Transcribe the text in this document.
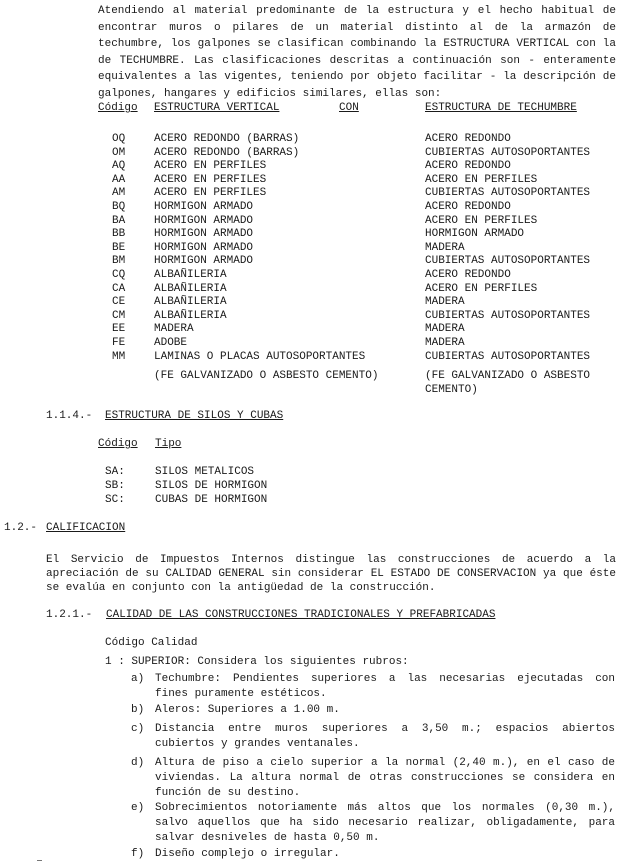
Atendiendo al material predominante de la estructura y el hecho habitual de encontrar muros o pilares de un material distinto al de la armazón de techumbre, los galpones se clasifican combinando la ESTRUCTURA VERTICAL con la de TECHUMBRE. Las clasificaciones descritas a continuación son - enteramente equivalentes a las vigentes, teniendo por objeto facilitar - la descripción de galpones, hangares y edificios similares, ellas son:
Código ESTRUCTURA VERTICAL	CON	ESTRUCTURA DE TECHUMBRE
OQ	ACERO REDONDO (BARRAS)	ACERO REDONDO
OM	ACERO REDONDO (BARRAS)	CUBIERTAS AUTOSOPORTANTES
AQ	ACERO EN PERFILES	ACERO REDONDO
AA	ACERO EN PERFILES	ACERO EN PERFILES
AM	ACERO EN PERFILES	CUBIERTAS AUTOSOPORTANTES
BQ	HORMIGON ARMADO	ACERO REDONDO
BA	HORMIGON ARMADO	ACERO EN PERFILES
BB	HORMIGON ARMADO	HORMIGON ARMADO
BE	HORMIGON ARMADO	MADERA
BM	HORMIGON ARMADO	CUBIERTAS AUTOSOPORTANTES
CQ	ALBAÑILERIA	ACERO REDONDO
CA	ALBAÑILERIA	ACERO EN PERFILES
CE	ALBAÑILERIA	MADERA
CM	ALBAÑILERIA	CUBIERTAS AUTOSOPORTANTES
EE	MADERA	MADERA
FE	ADOBE	MADERA
MM	LAMINAS O PLACAS AUTOSOPORTANTES	CUBIERTAS AUTOSOPORTANTES
(FE GALVANIZADO O ASBESTO CEMENTO)	(FE GALVANIZADO O ASBESTO
CEMENTO)
1.1.4.- ESTRUCTURA DE SILOS Y CUBAS
Código Tipo
SA:	SILOS METALICOS
SB:	SILOS DE HORMIGON
SC:	CUBAS DE HORMIGON
1.2.- CALIFICACION
El Servicio de Impuestos Internos distingue las construcciones de acuerdo a la apreciación de su CALIDAD GENERAL sin considerar EL ESTADO DE CONSERVACION ya que éste se evalúa en conjunto con la antigüedad de la construcción.
1.2.1.- CALIDAD DE LAS CONSTRUCCIONES TRADICIONALES Y PREFABRICADAS
Código Calidad
1 : SUPERIOR: Considera los siguientes rubros:
a) Techumbre: Pendientes superiores a las necesarias ejecutadas con fines puramente estéticos.
b) Aleros: Superiores a 1.00 m.
c) Distancia entre muros superiores a 3,50 m.; espacios abiertos cubiertos y grandes ventanales.
d) Altura de piso a cielo superior a la normal (2,40 m.), en el caso de viviendas. La altura normal de otras construcciones se considera en función de su destino.
e) Sobrecimientos notoriamente más altos que los normales (0,30 m.), salvo aquellos que ha sido necesario realizar, obligadamente, para salvar desniveles de hasta 0,50 m.
f) Diseño complejo o irregular.
